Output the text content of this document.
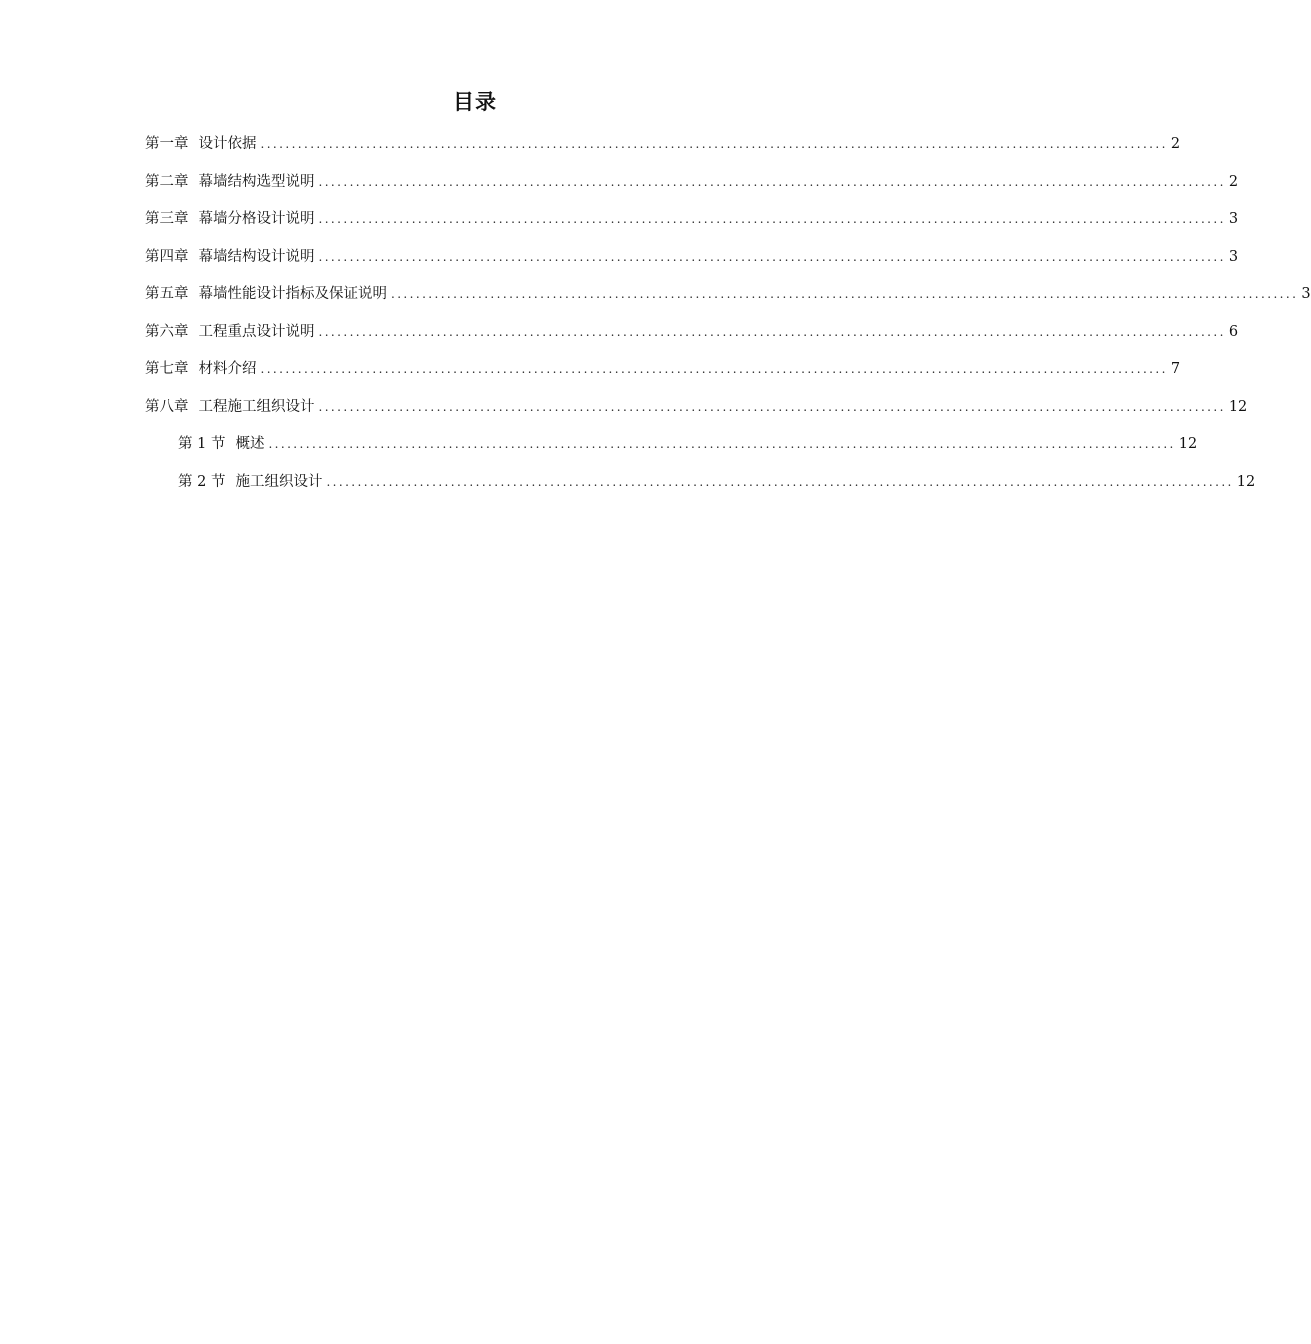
目录
第一章 设计依据 .................................................................................................................................................. 2
第二章 幕墙结构选型说明 .................................................................................................................................................. 2
第三章 幕墙分格设计说明 .................................................................................................................................................. 3
第四章 幕墙结构设计说明 .................................................................................................................................................. 3
第五章 幕墙性能设计指标及保证说明 .................................................................................................................................................. 3
第六章 工程重点设计说明 .................................................................................................................................................. 6
第七章 材料介绍 .................................................................................................................................................. 7
第八章 工程施工组织设计 .................................................................................................................................................. 12
第 1 节 概述 .................................................................................................................................................. 12
第 2 节 施工组织设计 .................................................................................................................................................. 12
